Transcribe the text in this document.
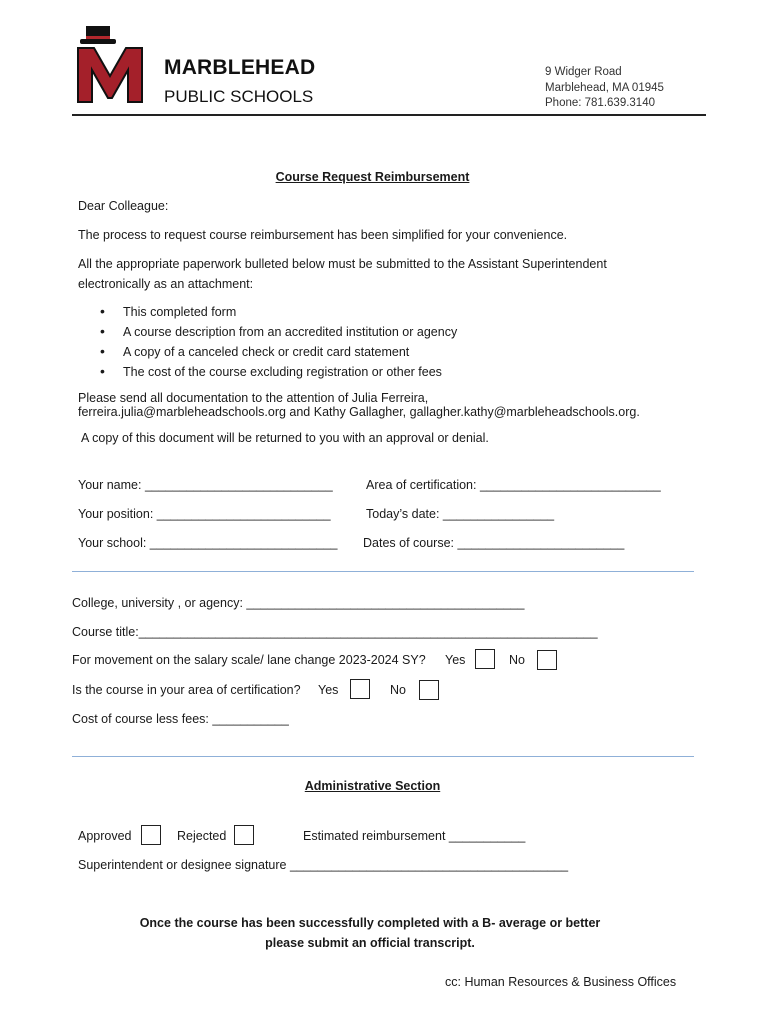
MARBLEHEAD
PUBLIC SCHOOLS
9 Widger Road
Marblehead, MA 01945
Phone: 781.639.3140
Course Request Reimbursement
Dear Colleague:
The process to request course reimbursement has been simplified for your convenience.
All the appropriate paperwork bulleted below must be submitted to the Assistant Superintendent
electronically as an attachment:
• This completed form
• A course description from an accredited institution or agency
• A copy of a canceled check or credit card statement
• The cost of the course excluding registration or other fees
Please send all documentation to the attention of Julia Ferreira,
ferreira.julia@marbleheadschools.org and Kathy Gallagher, gallagher.kathy@marbleheadschools.org.
A copy of this document will be returned to you with an approval or denial.
Your name: ___________________________	Area of certification: __________________________
Your position: _________________________	Today’s date: ________________
Your school: ___________________________ Dates of course: ________________________
College, university , or agency: ________________________________________
Course title:__________________________________________________________________
For movement on the salary scale/ lane change 2023-2024 SY? Yes	No
Is the course in your area of certification? Yes	No
Cost of course less fees: ___________
Administrative Section
Approved	Rejected	Estimated reimbursement ___________
Superintendent or designee signature ________________________________________
Once the course has been successfully completed with a B- average or better
please submit an official transcript.
cc: Human Resources & Business Offices
